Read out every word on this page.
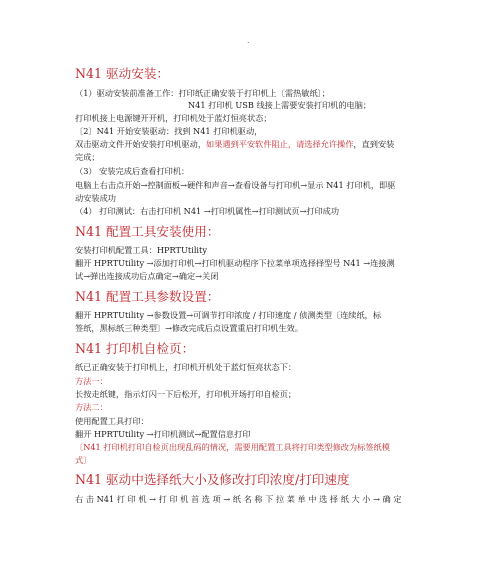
.
N41 驱动安装：
（1）驱动安装前准备工作：打印纸正确安装于打印机上〔需热敏纸〕；
N41 打印机 USB 线接上需要安装打印机的电脑；
打印机接上电源键开开机，打印机处于蓝灯恒亮状态；
〔2〕N41 开始安装驱动：找到 N41 打印机驱动，
双击驱动文件开始安装打印机驱动，如果遇到平安软件阻止，请选择允许操作，直到安装
完成；
（3） 安装完成后查看打印机：
电脑上右击点开始→控制面板→硬件和声音→查看设备与打印机→显示 N41 打印机，即驱
动安装成功
（4） 打印测试：右击打印机 N41 →打印机属性→打印测试页→打印成功
N41 配置工具安装使用：
安装打印机配置工具：HPRTUtility
翻开 HPRTUtility →添加打印机→打印机驱动程序下拉菜单项选择择型号 N41 →连接测
试→弹出连接成功后点确定→确定→关闭
N41 配置工具参数设置：
翻开 HPRTUtility →参数设置→可调节打印浓度 / 打印速度 / 侦测类型〔连续纸，标
签纸，黑标纸三种类型〕→修改完成后点设置重启打印机生效。
N41 打印机自检页：
纸已正确安装于打印机上，打印机开机处于蓝灯恒亮状态下：
方法一：
长按走纸键，指示灯闪一下后松开，打印机开场打印自检页；
方法二：
使用配置工具打印：
翻开 HPRTUtility →打印机测试→配置信息打印
〔N41 打印机打印自检页出现乱码的情况，需要用配置工具将打印类型修改为标签纸模
式〕
N41 驱动中选择纸大小及修改打印浓度/打印速度
右 击 N41 打 印 机 → 打 印 机 首 选 项 → 纸 名 称 下 拉 菜 单 中 选 择 纸 大 小 → 确 定
